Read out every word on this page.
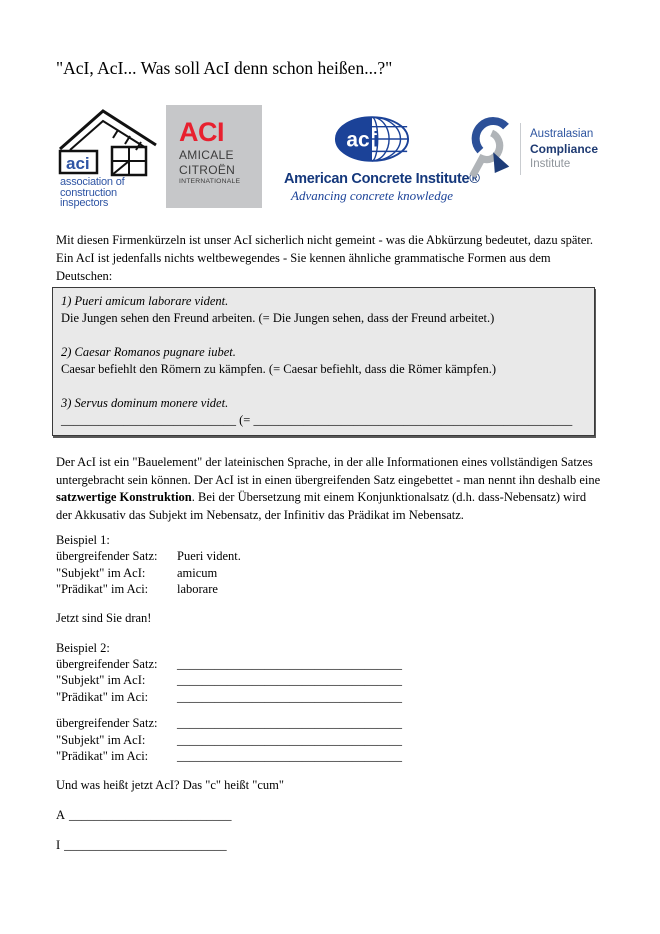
"AcI, AcI... Was soll AcI denn schon heißen...?"
aci
association of
construction
inspectors
ACI
AMICALE
CITROËN
INTERNATIONALE
ac i
American Concrete Institute®
Advancing concrete knowledge
Australasian
Compliance
Institute

Mit diesen Firmenkürzeln ist unser AcI sicherlich nicht gemeint - was die Abkürzung bedeutet, dazu später. Ein AcI ist jedenfalls nichts weltbewegendes - Sie kennen ähnliche grammatische Formen aus dem Deutschen:

1) Pueri amicum laborare vident.
Die Jungen sehen den Freund arbeiten. (= Die Jungen sehen, dass der Freund arbeitet.)
2) Caesar Romanos pugnare iubet.
Caesar befiehlt den Römern zu kämpfen. (= Caesar befiehlt, dass die Römer kämpfen.)
3) Servus dominum monere videt.
____________________________ (= ___________________________________________________

Der AcI ist ein "Bauelement" der lateinischen Sprache, in der alle Informationen eines vollständigen Satzes untergebracht sein können. Der AcI ist in einen übergreifenden Satz eingebettet - man nennt ihn deshalb eine satzwertige Konstruktion. Bei der Übersetzung mit einem Konjunktionalsatz (d.h. dass-Nebensatz) wird der Akkusativ das Subjekt im Nebensatz, der Infinitiv das Prädikat im Nebensatz.

Beispiel 1:
übergreifender Satz:	Pueri vident.
"Subjekt" im AcI:	amicum
"Prädikat" im Aci:	laborare

Jetzt sind Sie dran!

Beispiel 2:
übergreifender Satz:	____________________________________
"Subjekt" im AcI:	____________________________________
"Prädikat" im Aci:	____________________________________
übergreifender Satz:	____________________________________
"Subjekt" im AcI:	____________________________________
"Prädikat" im Aci:	____________________________________

Und was heißt jetzt AcI? Das "c" heißt "cum"

A __________________________
I __________________________
